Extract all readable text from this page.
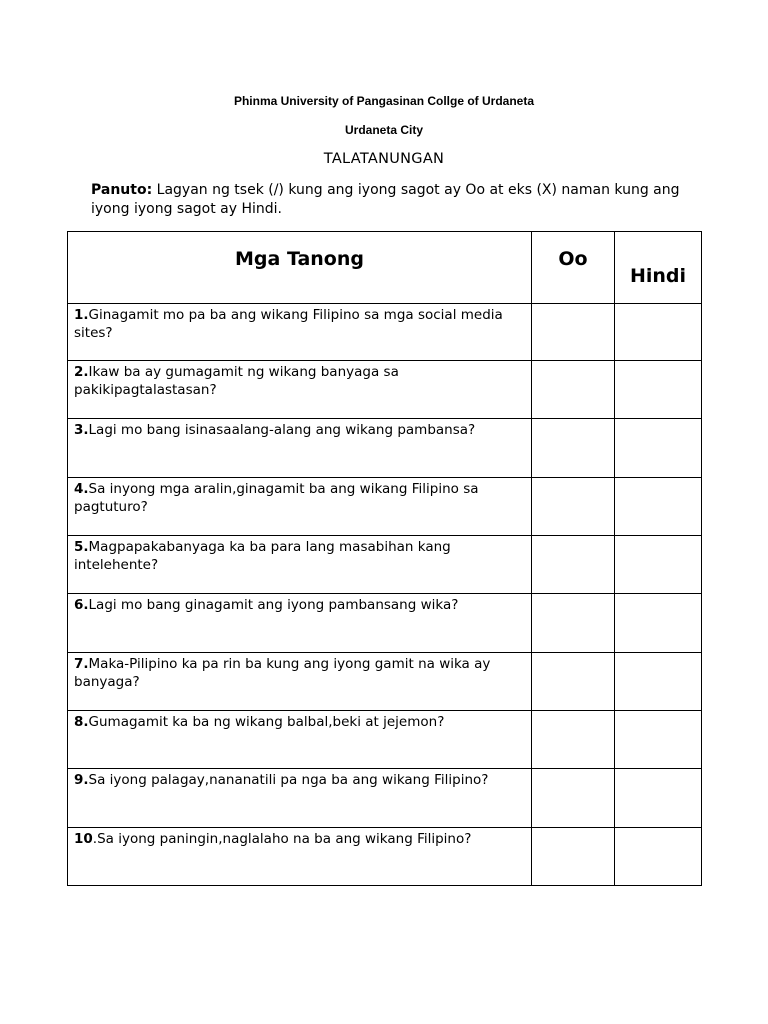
Phinma University of Pangasinan Collge of Urdaneta
Urdaneta City
TALATANUNGAN
Panuto: Lagyan ng tsek (/) kung ang iyong sagot ay Oo at eks (X) naman kung ang iyong iyong sagot ay Hindi.
Mga Tanong	Oo	Hindi

1.Ginagamit mo pa ba ang wikang Filipino sa mga social media sites?	

2.Ikaw ba ay gumagamit ng wikang banyaga sa pakikipagtalastasan?	

3.Lagi mo bang isinasaalang-alang ang wikang pambansa?	

4.Sa inyong mga aralin,ginagamit ba ang wikang Filipino sa pagtuturo?	

5.Magpapakabanyaga ka ba para lang masabihan kang intelehente?	

6.Lagi mo bang ginagamit ang iyong pambansang wika?	

7.Maka-Pilipino ka pa rin ba kung ang iyong gamit na wika ay banyaga?	

8.Gumagamit ka ba ng wikang balbal,beki at jejemon?	

9.Sa iyong palagay,nananatili pa nga ba ang wikang Filipino?	

10.Sa iyong paningin,naglalaho na ba ang wikang Filipino?	
